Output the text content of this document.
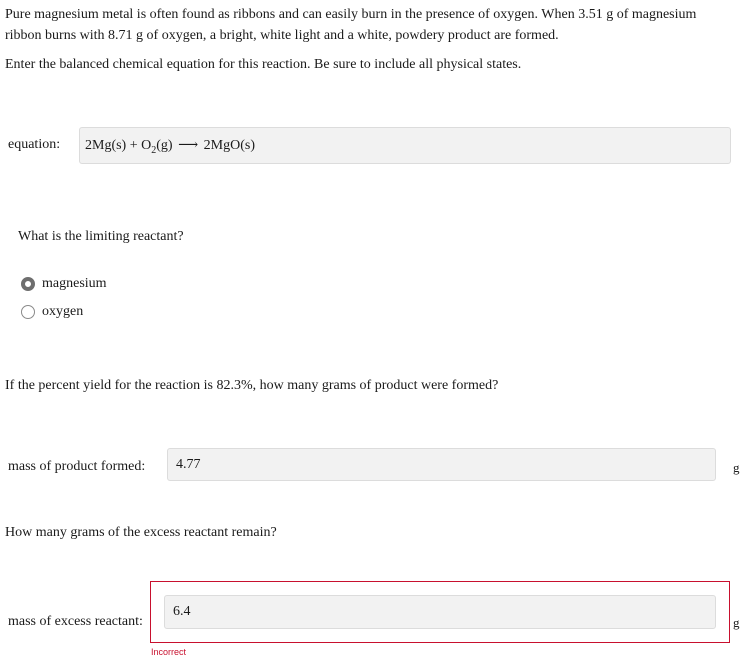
Pure magnesium metal is often found as ribbons and can easily burn in the presence of oxygen. When 3.51 g of magnesium
ribbon burns with 8.71 g of oxygen, a bright, white light and a white, powdery product are formed.
Enter the balanced chemical equation for this reaction. Be sure to include all physical states.
equation: $2Mg(s) + O_2(g)$ ⟶ 2MgO(s)
What is the limiting reactant?
magnesium
oxygen
If the percent yield for the reaction is 82.3%, how many grams of product were formed?
mass of product formed: 4.77	g
How many grams of the excess reactant remain?
mass of excess reactant:
6.4
g
Incorrect
